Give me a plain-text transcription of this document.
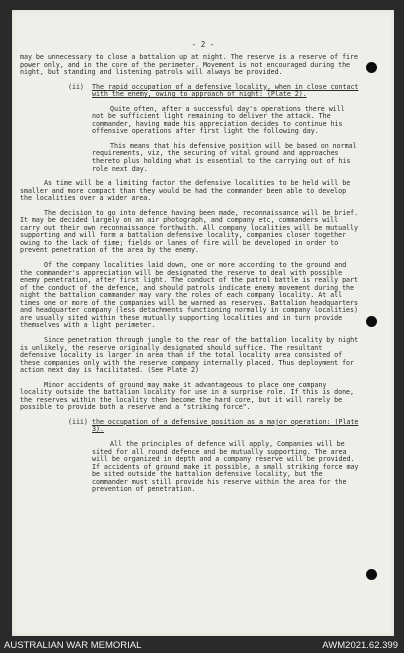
- 2 -

may be unnecessary to close a battalion up at night. The reserve is a reserve of fire power only, and in the core of the perimeter. Movement is not encouraged during the night, but standing and listening patrols will always be provided.

(ii) The rapid occupation of a defensive locality, when in close contact with the enemy, owing to approach of night: (Plate 2).

Quite often, after a successful day's operations there will not be sufficient light remaining to deliver the attack. The commander, having made his appreciation decides to continue his offensive operations after first light the following day.

This means that his defensive position will be based on normal requirements, viz, the securing of vital ground and approaches thereto plus holding what is essential to the carrying out of his role next day.

As time will be a limiting factor the defensive localities to be held will be smaller and more compact than they would be had the commander been able to develop the localities over a wider area.

The decision to go into defence having been made, reconnaissance will be brief. It may be decided largely on an air photograph, and company etc, commanders will carry out their own reconnaissance forthwith. All company localities will be mutually supporting and will form a battalion defensive locality, companies closer together owing to the lack of time; fields or lanes of fire will be developed in order to prevent penetration of the area by the enemy.

Of the company localities laid down, one or more according to the ground and the commander's appreciation will be designated the reserve to deal with possible enemy penetration, after first light. The conduct of the patrol battle is really part of the conduct of the defence, and should patrols indicate enemy movement during the night the battalion commander may vary the roles of each company locality. At all times one or more of the companies will be warned as reserves. Battalion headquarters and headquarter company (less detachments functioning normally in company localities) are usually sited within these mutually supporting localities and in turn provide themselves with a light perimeter.

Since penetration through jungle to the rear of the battalion locality by night is unlikely, the reserve originally designated should suffice. The resultant defensive locality is larger in area than if the total locality area consisted of these companies only with the reserve company internally placed. Thus deployment for action next day is facilitated. (See Plate 2)

Minor accidents of ground may make it advantageous to place one company locality outside the battalion locality for use in a surprise role. If this is done, the reserves within the locality then become the hard core, but it will rarely be possible to provide both a reserve and a "striking force".

(iii) the occupation of a defensive position as a major operation: (Plate 3).

All the principles of defence will apply, Companies will be sited for all round defence and be mutually supporting. The area will be organized in depth and a company reserve will be provided. If accidents of ground make it possible, a small striking force may be sited outside the battalion defensive locality, but the commander must still provide his reserve within the area for the prevention of penetration.

AUSTRALIAN WAR MEMORIAL	AWM2021.62.399
